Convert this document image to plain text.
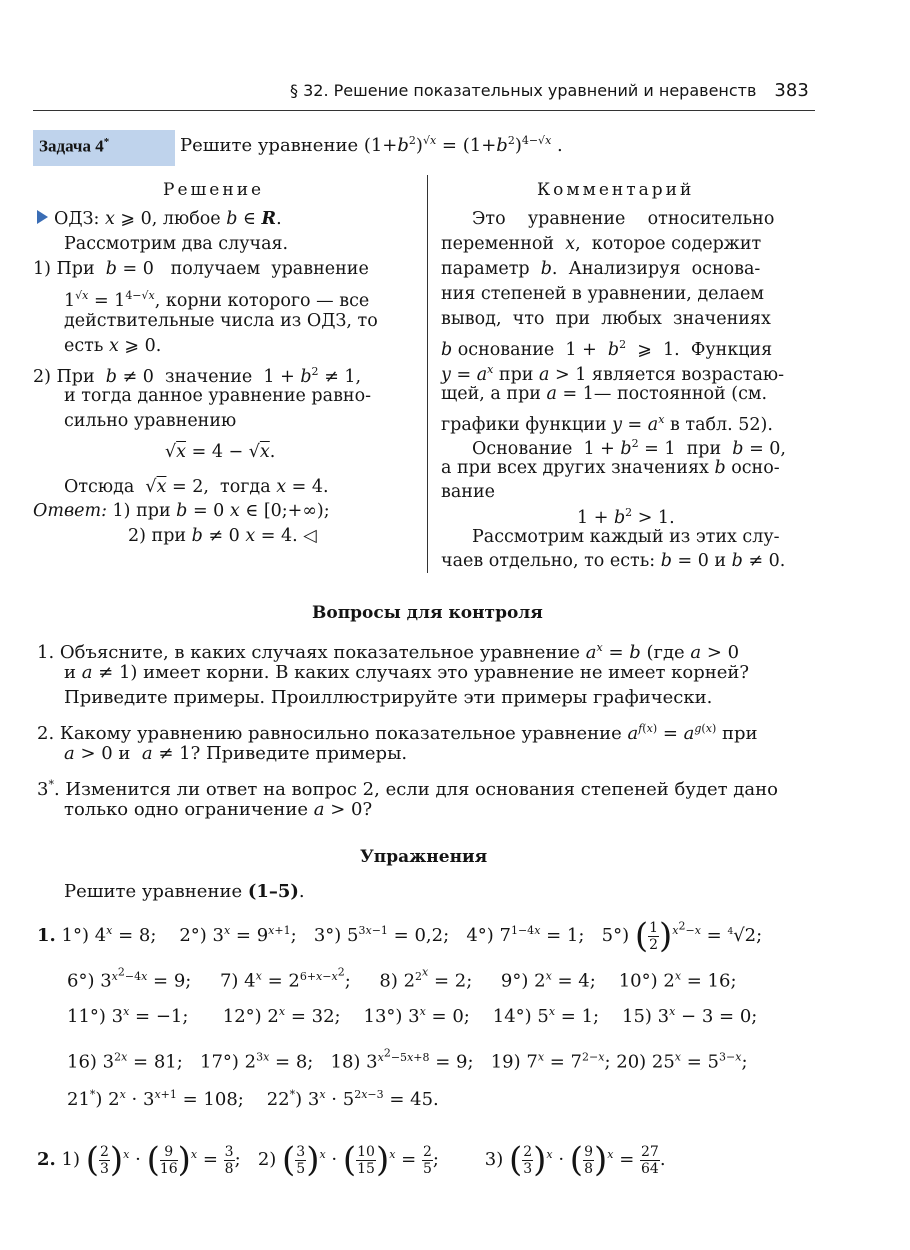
§ 32. Решение показательных уравнений и неравенств 383
Задача 4*	Решите уравнение $(1+b^2)^{√x} = (1+b^2)^{4-√x}$ .
Решение	Комментарий
ОДЗ: x ⩾ 0, любое b ∈ R.
Рассмотрим два случая.
1) При  b = 0   получаем  уравнение
$1^{√x} = 1^{4-√x}$, корни которого — все
действительные числа из ОДЗ, то
есть x ⩾ 0.
2) При  b ≠ 0  значение  $1 + b^2 \ne 1$,
и тогда данное уравнение равно-
сильно уравнению
√x = 4 − √x.
Отсюда  √x = 2,  тогда x = 4.
Ответ: 1) при b = 0 x ∈ [0;+∞);
2) при b ≠ 0 x = 4. ◁
Это    уравнение    относительно
переменной  x,  которое содержит
параметр  b.  Анализируя  основа-
ния степеней в уравнении, делаем
вывод,  что  при  любых  значениях
b основание  $1 + b^2$  ⩾  1.  Функция
$y = a^x$ при a > 1 является возрастаю-
щей, а при a = 1— постоянной (см.
графики функции $y = a^x$ в табл. 52).
Основание  $1 + b^2 = 1$  при  b = 0,
а при всех других значениях b осно-
вание
$1 + b^2 > 1$.
Рассмотрим каждый из этих слу-
чаев отдельно, то есть: b = 0 и b ≠ 0.
Вопросы для контроля
1. Объясните, в каких случаях показательное уравнение $a^x = b$ (где a > 0
и a ≠ 1) имеет корни. В каких случаях это уравнение не имеет корней?
Приведите примеры. Проиллюстрируйте эти примеры графически.
2. Какому уравнению равносильно показательное уравнение $a^{f(x)} = a^{g(x)}$ при
a > 0 и  a ≠ 1? Приведите примеры.
3*. Изменится ли ответ на вопрос 2, если для основания степеней будет дано
только одно ограничение a > 0?
Упражнения
Решите уравнение (1–5).
1. 1°) $4^x = 8$;    2°) $3^x = 9^{x+1}$;   3°) $5^{3x-1} = 0,2$;   4°) $7^{1-4x} = 1$;   5°) ( $\frac{1}{2} )^{x^2-x} = ^4√2$;
6°) $3^{x^2-4x} = 9$;     7) $4^x = 2^{6+x-x^2}$;     8) $2^{2^x} = 2$;     9°) $2^x = 4$;    10°) $2^x = 16$;
11°) $3^x = -1$;      12°) $2^x = 32$;    13°) $3^x = 0$;    14°) $5^x = 1$;    15) $3^x - 3 = 0$;
16) $3^{2x} = 81$;   17°) $2^{3x} = 8$;   18) $3^{x^2-5x+8} = 9$;   19) $7^x = 7^{2-x}$; 20) $25^x = 5^{3-x}$;
21*) $2^x \cdot 3^{x+1} = 108$;    22*) $3^x \cdot 5^{2x-3} = 45$.
2. 1) ( $\frac{2}{3} )^x$ · ( $\frac{9}{16} )^x = \frac{3}{8}$ ;   2) ( $\frac{3}{5} )^x$ · ( $\frac{10}{15} )^x = \frac{2}{5}$ ;        3) ( $\frac{2}{3} )^x$ · ( $\frac{9}{8} )^x = \frac{27}{64}$ .
